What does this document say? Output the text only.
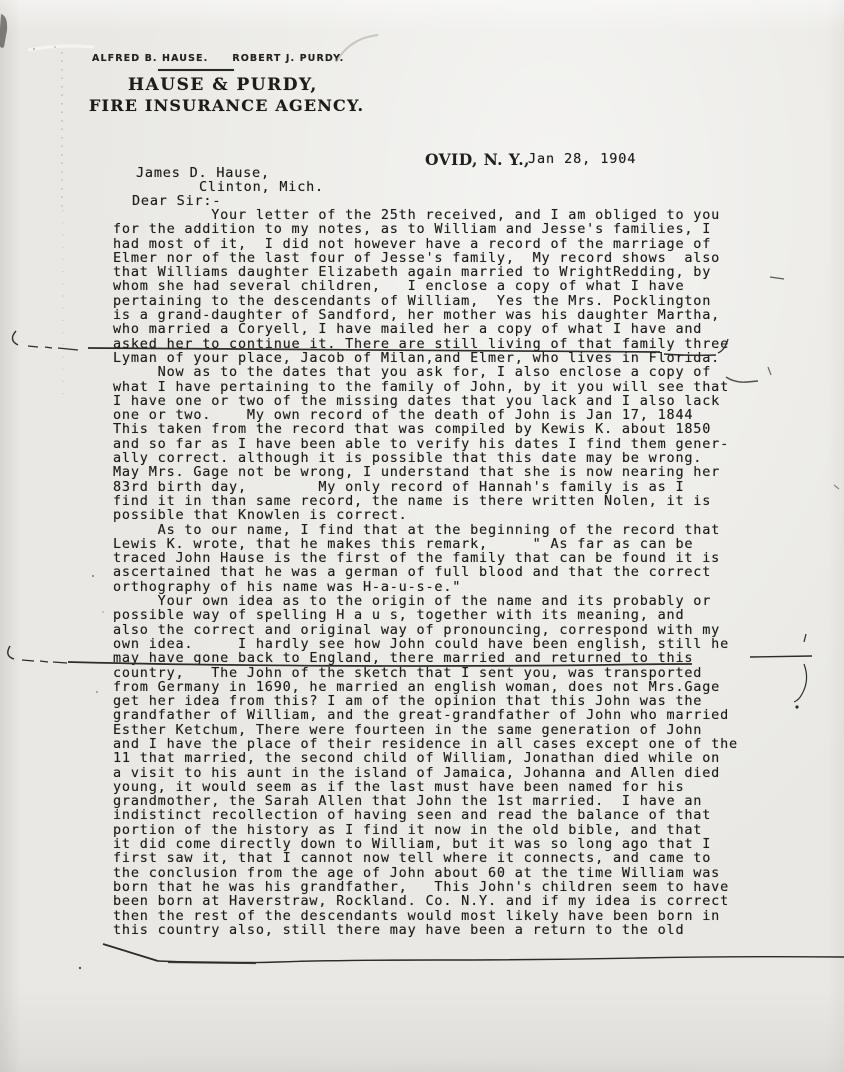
ALFRED B. HAUSE.	ROBERT J. PURDY.
HAUSE & PURDY,
FIRE INSURANCE AGENCY.
OVID, N. Y.,
Jan 28, 1904
James D. Hause,
Clinton, Mich.
Dear Sir:-
Your letter of the 25th received, and I am obliged to you
for the addition to my notes, as to William and Jesse's families, I
had most of it,  I did not however have a record of the marriage of
Elmer nor of the last four of Jesse's family,  My record shows  also
that Williams daughter Elizabeth again married to WrightRedding, by
whom she had several children,   I enclose a copy of what I have
pertaining to the descendants of William,  Yes the Mrs. Pocklington
is a grand-daughter of Sandford, her mother was his daughter Martha,
who married a Coryell, I have mailed her a copy of what I have and
asked her to continue it. There are still living of that family three
Lyman of your place, Jacob of Milan,and Elmer, who lives in Florida.
Now as to the dates that you ask for, I also enclose a copy of
what I have pertaining to the family of John, by it you will see that
I have one or two of the missing dates that you lack and I also lack
one or two.    My own record of the death of John is Jan 17, 1844
This taken from the record that was compiled by Kewis K. about 1850
and so far as I have been able to verify his dates I find them gener-
ally correct. although it is possible that this date may be wrong.
May Mrs. Gage not be wrong, I understand that she is now nearing her
83rd birth day,        My only record of Hannah's family is as I
find it in than same record, the name is there written Nolen, it is
possible that Knowlen is correct.
As to our name, I find that at the beginning of the record that
Lewis K. wrote, that he makes this remark,     " As far as can be
traced John Hause is the first of the family that can be found it is
ascertained that he was a german of full blood and that the correct
orthography of his name was H-a-u-s-e."
Your own idea as to the origin of the name and its probably or
possible way of spelling H a u s, together with its meaning, and
also the correct and original way of pronouncing, correspond with my
own idea.     I hardly see how John could have been english, still he
may have gone back to England, there married and returned to this
country,   The John of the sketch that I sent you, was transported
from Germany in 1690, he married an english woman, does not Mrs.Gage
get her idea from this? I am of the opinion that this John was the
grandfather of William, and the great-grandfather of John who married
Esther Ketchum, There were fourteen in the same generation of John
and I have the place of their residence in all cases except one of the
11 that married, the second child of William, Jonathan died while on
a visit to his aunt in the island of Jamaica, Johanna and Allen died
young, it would seem as if the last must have been named for his
grandmother, the Sarah Allen that John the 1st married.  I have an
indistinct recollection of having seen and read the balance of that
portion of the history as I find it now in the old bible, and that
it did come directly down to William, but it was so long ago that I
first saw it, that I cannot now tell where it connects, and came to
the conclusion from the age of John about 60 at the time William was
born that he was his grandfather,   This John's children seem to have
been born at Haverstraw, Rockland. Co. N.Y. and if my idea is correct
then the rest of the descendants would most likely have been born in
this country also, still there may have been a return to the old
